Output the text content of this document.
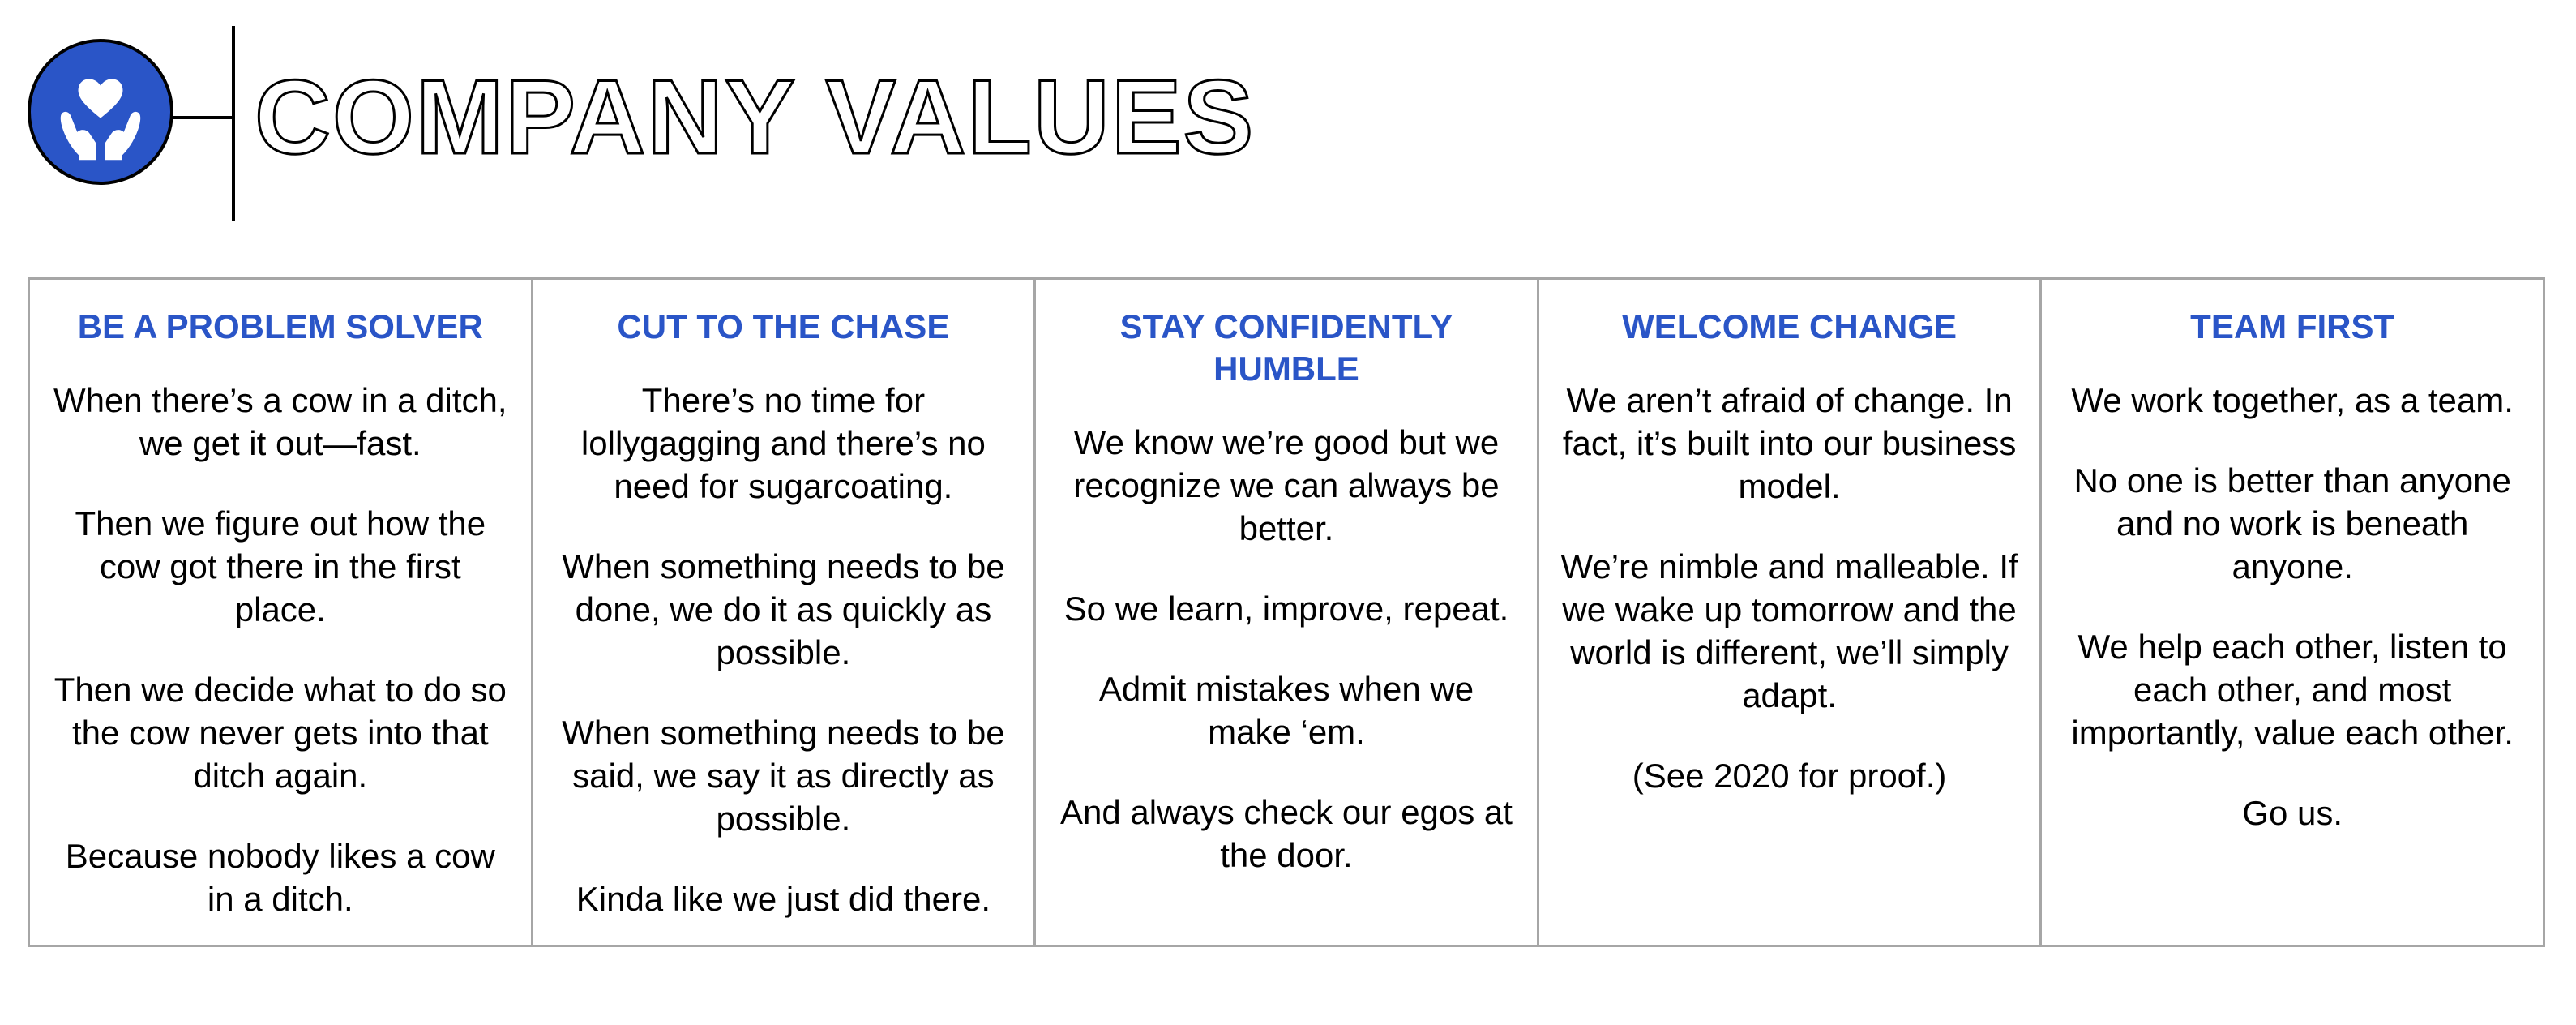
COMPANY VALUES
BE A PROBLEM SOLVER

When there’s a cow in a ditch, we get it out—fast.

Then we figure out how the cow got there in the first place.

Then we decide what to do so the cow never gets into that ditch again.

Because nobody likes a cow in a ditch.

CUT TO THE CHASE

There’s no time for lollygagging and there’s no need for sugarcoating.

When something needs to be done, we do it as quickly as possible.

When something needs to be said, we say it as directly as possible.

Kinda like we just did there.

STAY CONFIDENTLY HUMBLE

We know we’re good but we recognize we can always be better.

So we learn, improve, repeat.

Admit mistakes when we make ‘em.

And always check our egos at the door.

WELCOME CHANGE

We aren’t afraid of change. In fact, it’s built into our business model.

We’re nimble and malleable. If we wake up tomorrow and the world is different, we’ll simply adapt.

(See 2020 for proof.)

TEAM FIRST

We work together, as a team.

No one is better than anyone and no work is beneath anyone.

We help each other, listen to each other, and most importantly, value each other.

Go us.
